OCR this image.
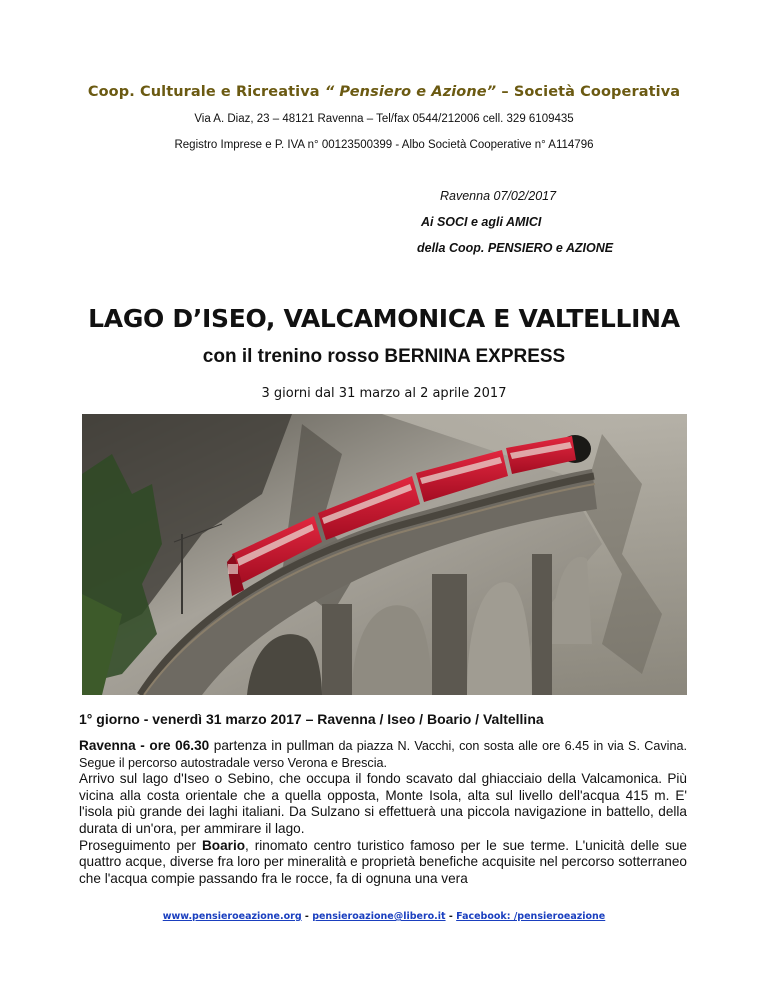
Coop. Culturale e Ricreativa “ Pensiero e Azione” – Società Cooperativa
Via A. Diaz, 23 – 48121 Ravenna – Tel/fax 0544/212006 cell. 329 6109435
Registro Imprese e P. IVA n° 00123500399 - Albo Società Cooperative n° A114796
Ravenna 07/02/2017
Ai SOCI e agli AMICI
della Coop. PENSIERO e AZIONE
LAGO D’ISEO, VALCAMONICA E VALTELLINA
con il trenino rosso BERNINA EXPRESS
3 giorni dal 31 marzo al 2 aprile 2017
1° giorno - venerdì 31 marzo 2017 – Ravenna / Iseo / Boario / Valtellina

Ravenna - ore 06.30 partenza in pullman da piazza N. Vacchi, con sosta alle ore 6.45 in via S. Cavina. Segue il percorso autostradale verso Verona e Brescia.

Arrivo sul lago d'Iseo o Sebino, che occupa il fondo scavato dal ghiacciaio della Valcamonica. Più vicina alla costa orientale che a quella opposta, Monte Isola, alta sul livello dell'acqua 415 m. E' l'isola più grande dei laghi italiani. Da Sulzano si effettuerà una piccola navigazione in battello, della durata di un'ora, per ammirare il lago.

Proseguimento per Boario, rinomato centro turistico famoso per le sue terme. L'unicità delle sue quattro acque, diverse fra loro per mineralità e proprietà benefiche acquisite nel percorso sotterraneo che l'acqua compie passando fra le rocce, fa di ognuna una vera

www.pensieroeazione.org - pensieroazione@libero.it - Facebook: /pensieroeazione
